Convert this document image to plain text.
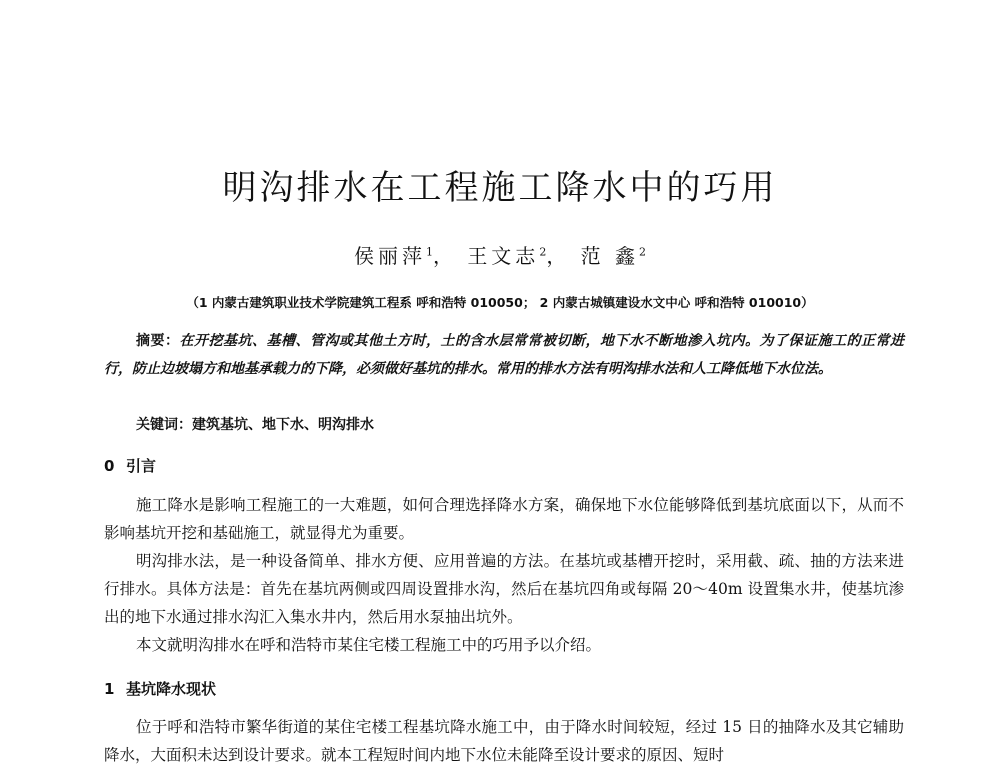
明沟排水在工程施工降水中的巧用
侯丽萍$^1$， 王文志$^2$， 范 鑫$^2$
（1 内蒙古建筑职业技术学院建筑工程系 呼和浩特 010050； 2 内蒙古城镇建设水文中心 呼和浩特 010010）
摘要：在开挖基坑、基槽、管沟或其他土方时，土的含水层常常被切断，地下水不断地渗入坑内。为了保证施工的正常进行，防止边坡塌方和地基承载力的下降，必须做好基坑的排水。常用的排水方法有明沟排水法和人工降低地下水位法。
关键词：建筑基坑、地下水、明沟排水
0 引言
施工降水是影响工程施工的一大难题，如何合理选择降水方案，确保地下水位能够降低到基坑底面以下，从而不影响基坑开挖和基础施工，就显得尤为重要。
明沟排水法，是一种设备简单、排水方便、应用普遍的方法。在基坑或基槽开挖时，采用截、疏、抽的方法来进行排水。具体方法是：首先在基坑两侧或四周设置排水沟，然后在基坑四角或每隔 20～40m 设置集水井，使基坑渗出的地下水通过排水沟汇入集水井内，然后用水泵抽出坑外。
本文就明沟排水在呼和浩特市某住宅楼工程施工中的巧用予以介绍。
1 基坑降水现状
位于呼和浩特市繁华街道的某住宅楼工程基坑降水施工中，由于降水时间较短，经过 15 日的抽降水及其它辅助降水，大面积未达到设计要求。就本工程短时间内地下水位未能降至设计要求的原因、短时
